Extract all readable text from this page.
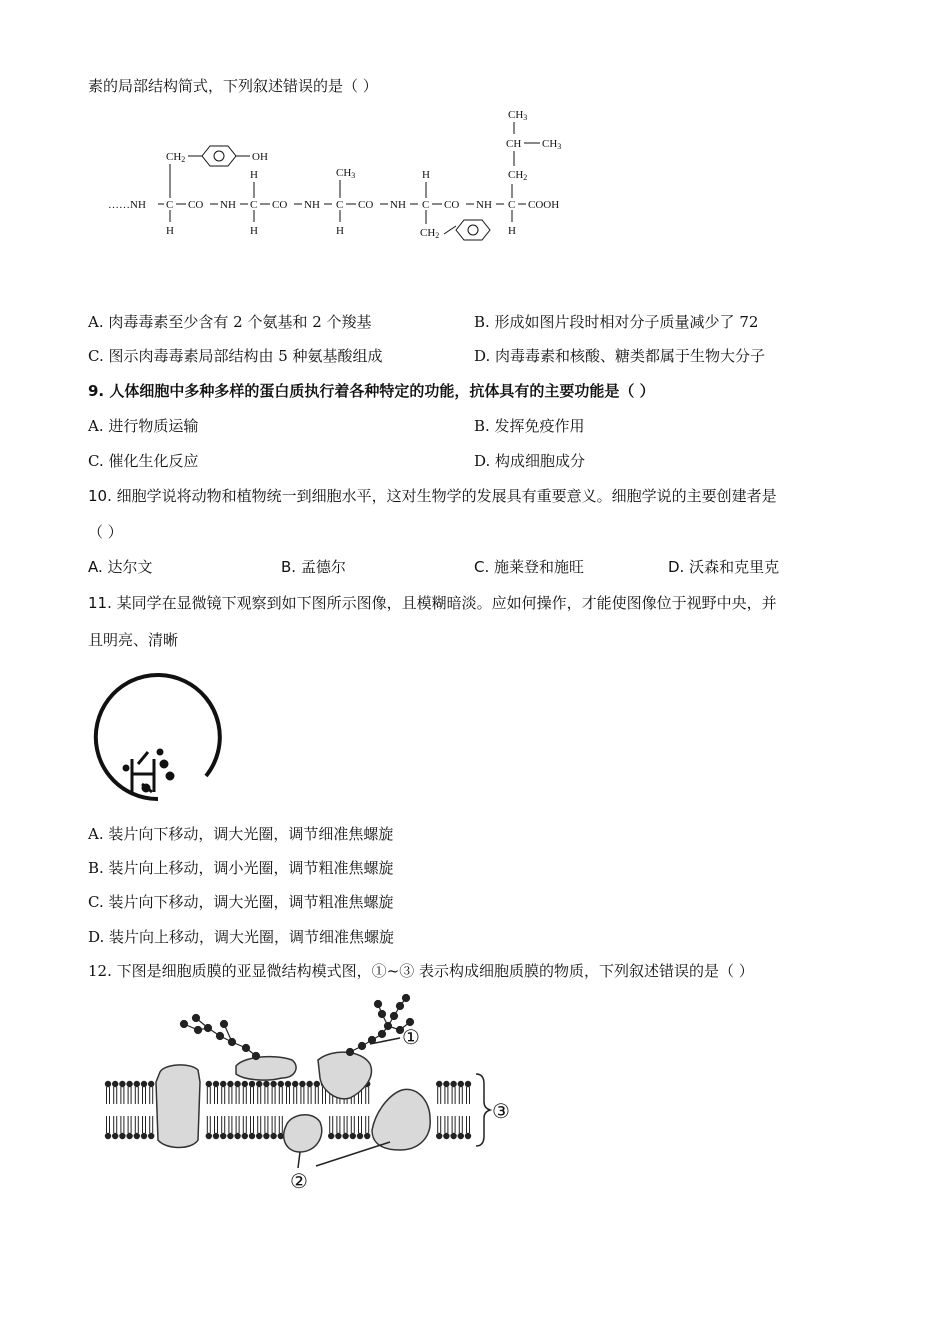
素的局部结构简式，下列叙述错误的是（ ）
……NH C CO NH C CO NH C CO NH C CO NH C COOH
CH2	OH
H
H
H
CH3
H
H
CH2
CH3
CH CH3
CH2
H
A. 肉毒毒素至少含有 2 个氨基和 2 个羧基	B. 形成如图片段时相对分子质量减少了 72
C. 图示肉毒毒素局部结构由 5 种氨基酸组成	D. 肉毒毒素和核酸、糖类都属于生物大分子
9. 人体细胞中多种多样的蛋白质执行着各种特定的功能，抗体具有的主要功能是（ ）
A. 进行物质运输	B. 发挥免疫作用
C. 催化生化反应	D. 构成细胞成分
10. 细胞学说将动物和植物统一到细胞水平，这对生物学的发展具有重要意义。细胞学说的主要创建者是
（ ）
A. 达尔文	B. 孟德尔	C. 施莱登和施旺	D. 沃森和克里克
11. 某同学在显微镜下观察到如下图所示图像，且模糊暗淡。应如何操作，才能使图像位于视野中央，并
且明亮、清晰
A. 装片向下移动，调大光圈，调节细准焦螺旋
B. 装片向上移动，调小光圈，调节粗准焦螺旋
C. 装片向下移动，调大光圈，调节粗准焦螺旋
D. 装片向上移动，调大光圈，调节细准焦螺旋
12. 下图是细胞质膜的亚显微结构模式图，①~③ 表示构成细胞质膜的物质，下列叙述错误的是（ ）
①
②
③
